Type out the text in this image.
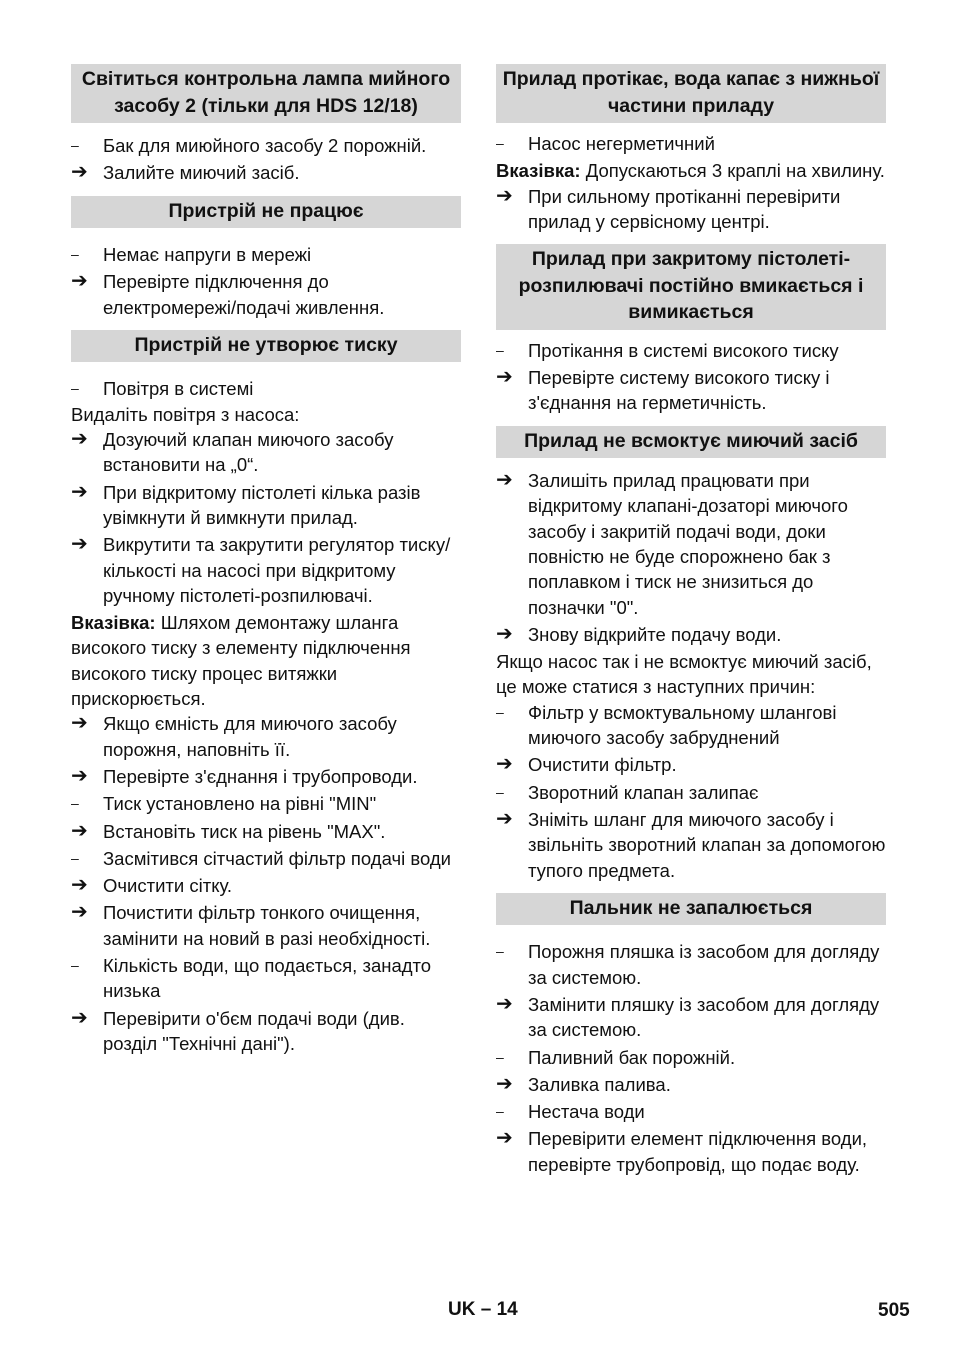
Світиться контрольна лампа мийного засобу 2 (тільки для HDS 12/18)
–	Бак для миюйного засобу 2 порожній.
➔ Залийте миючий засіб.
Пристрій не працює
–	Немає напруги в мережі
➔ Перевірте підключення до електромережі/подачі живлення.
Пристрій не утворює тиску
–	Повітря в системі

Видаліть повітря з насоса:

➔ Дозуючий клапан миючого засобу встановити на „0“.
➔ При відкритому пістолеті кілька разів увімкнути й вимкнути прилад.
➔ Викрутити та закрутити регулятор тиску/кількості на насосі при відкритому ручному пістолеті-розпилювачі.

Вказівка: Шляхом демонтажу шланга високого тиску з елементу підключення високого тиску процес витяжки прискорюється.

➔ Якщо ємність для миючого засобу порожня, наповніть її.
➔ Перевірте з'єднання і трубопроводи.
–	Тиск установлено на рівні "MIN"
➔ Встановіть тиск на рівень "MAX".
–	Засмітився сітчастий фільтр подачі води
➔ Очистити сітку.
➔ Почистити фільтр тонкого очищення, замінити на новий в разі необхідності.
–	Кількість води, що подається, занадто низька
➔ Перевірити о'бєм подачі води (див. розділ "Технічні дані").
Прилад протікає, вода капає з нижньої частини приладу
–	Насос негерметичний

Вказівка: Допускаються 3 краплі на хвилину.

➔ При сильному протіканні перевірити прилад у сервісному центрі.
Прилад при закритому пістолеті-розпилювачі постійно вмикається і вимикається
–	Протікання в системі високого тиску
➔ Перевірте систему високого тиску і з'єднання на герметичність.
Прилад не всмоктує миючий засіб
➔ Залишіть прилад працювати при відкритому клапані-дозаторі миючого засобу і закритій подачі води, доки повністю не буде спорожнено бак з поплавком і тиск не знизиться до позначки "0".
➔ Знову відкрийте подачу води.

Якщо насос так і не всмоктує миючий засіб, це може статися з наступних причин:

–	Фільтр у всмоктувальному шлангові миючого засобу забруднений
➔ Очистити фільтр.
–	Зворотний клапан залипає
➔ Зніміть шланг для миючого засобу і звільніть зворотний клапан за допомогою тупого предмета.
Пальник не запалюється
–	Порожня пляшка із засобом для догляду за системою.
➔ Замінити пляшку із засобом для догляду за системою.
–	Паливний бак порожній.
➔ Заливка палива.
–	Нестача води
➔ Перевірити елемент підключення води, перевірте трубопровід, що подає воду.
UK – 14	505
